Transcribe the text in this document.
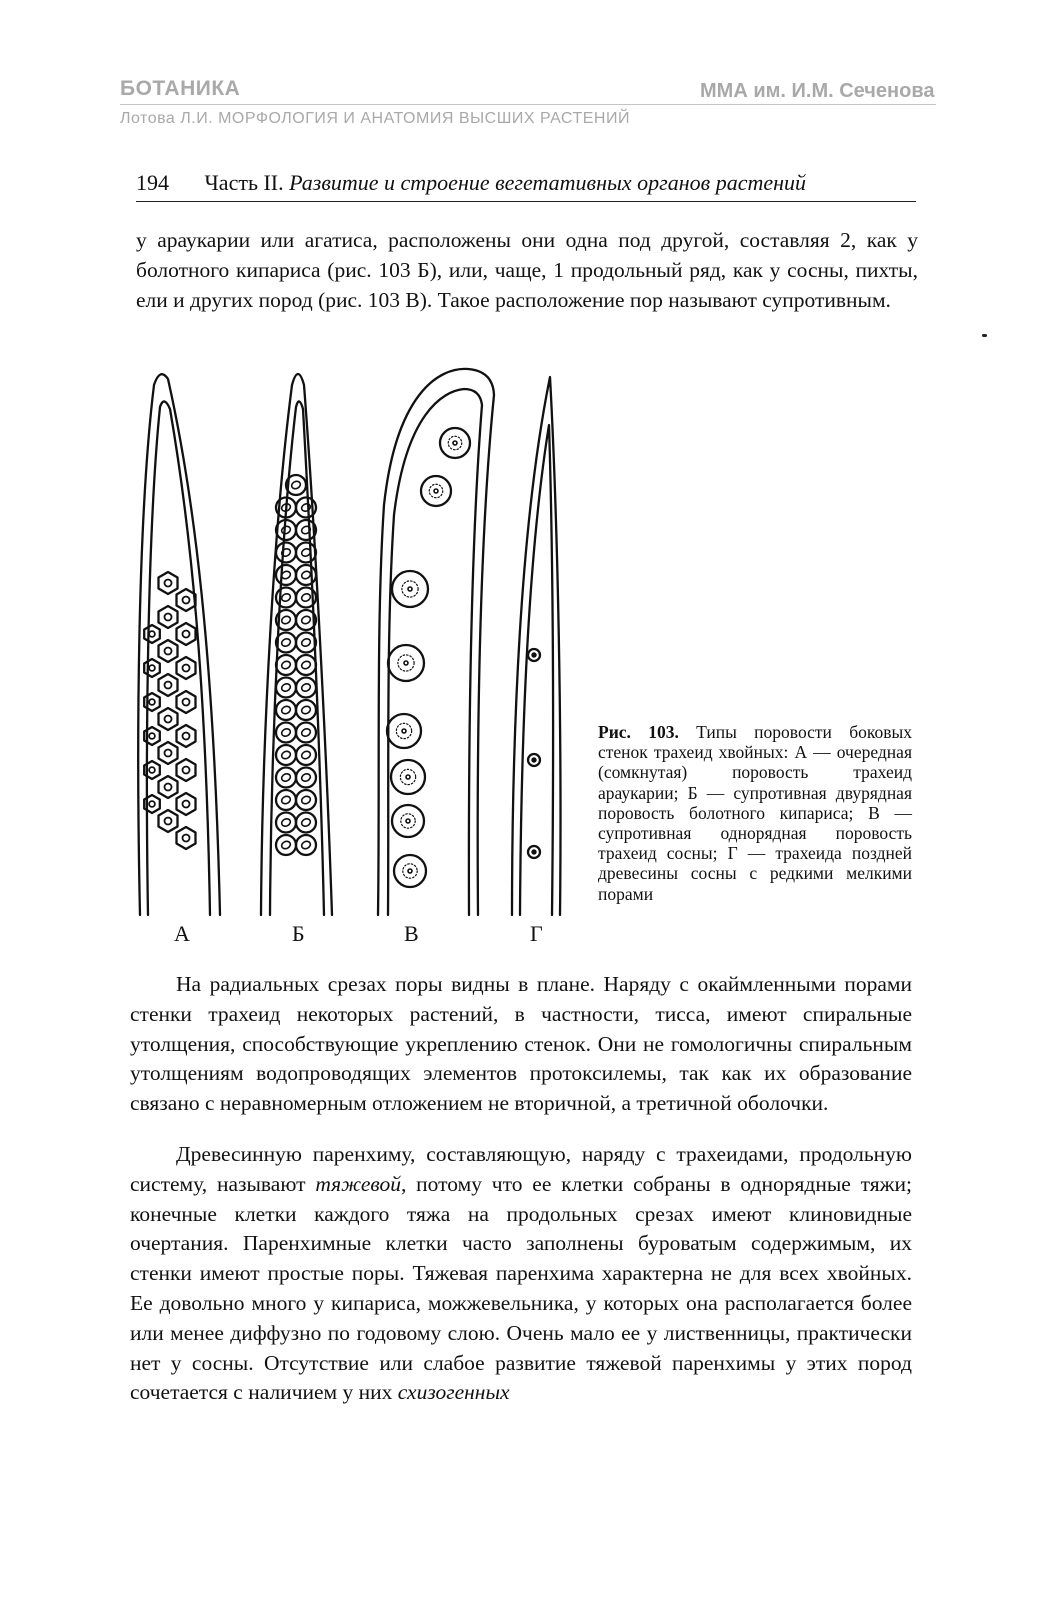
БОТАНИКА	ММА им. И.М. Сеченова
Лотова Л.И. МОРФОЛОГИЯ И АНАТОМИЯ ВЫСШИХ РАСТЕНИЙ
194 Часть II. Развитие и строение вегетативных органов растений

у араукарии или агатиса, расположены они одна под другой, составляя 2, как у болотного кипариса (рис. 103 Б), или, чаще, 1 продольный ряд, как у сосны, пихты, ели и других пород (рис. 103 В). Такое расположение пор называют супротивным.

А	Б	В	Г

Рис. 103. Типы поровости боковых стенок трахеид хвойных: А — очередная (сомкнутая) поровость трахеид араукарии; Б — супротивная двурядная поровость болотного кипариса; В — супротивная однорядная поровость трахеид сосны; Г — трахеида поздней древесины сосны с редкими мелкими порами

На радиальных срезах поры видны в плане. Наряду с окаймленными порами стенки трахеид некоторых растений, в частности, тисса, имеют спиральные утолщения, способствующие укреплению стенок. Они не гомологичны спиральным утолщениям водопроводящих элементов протоксилемы, так как их образование связано с неравномерным отложением не вторичной, а третичной оболочки.

Древесинную паренхиму, составляющую, наряду с трахеидами, продольную систему, называют тяжевой, потому что ее клетки собраны в однорядные тяжи; конечные клетки каждого тяжа на продольных срезах имеют клиновидные очертания. Паренхимные клетки часто заполнены буроватым содержимым, их стенки имеют простые поры. Тяжевая паренхима характерна не для всех хвойных. Ее довольно много у кипариса, можжевельника, у которых она располагается более или менее диффузно по годовому слою. Очень мало ее у лиственницы, практически нет у сосны. Отсутствие или слабое развитие тяжевой паренхимы у этих пород сочетается с наличием у них схизогенных
